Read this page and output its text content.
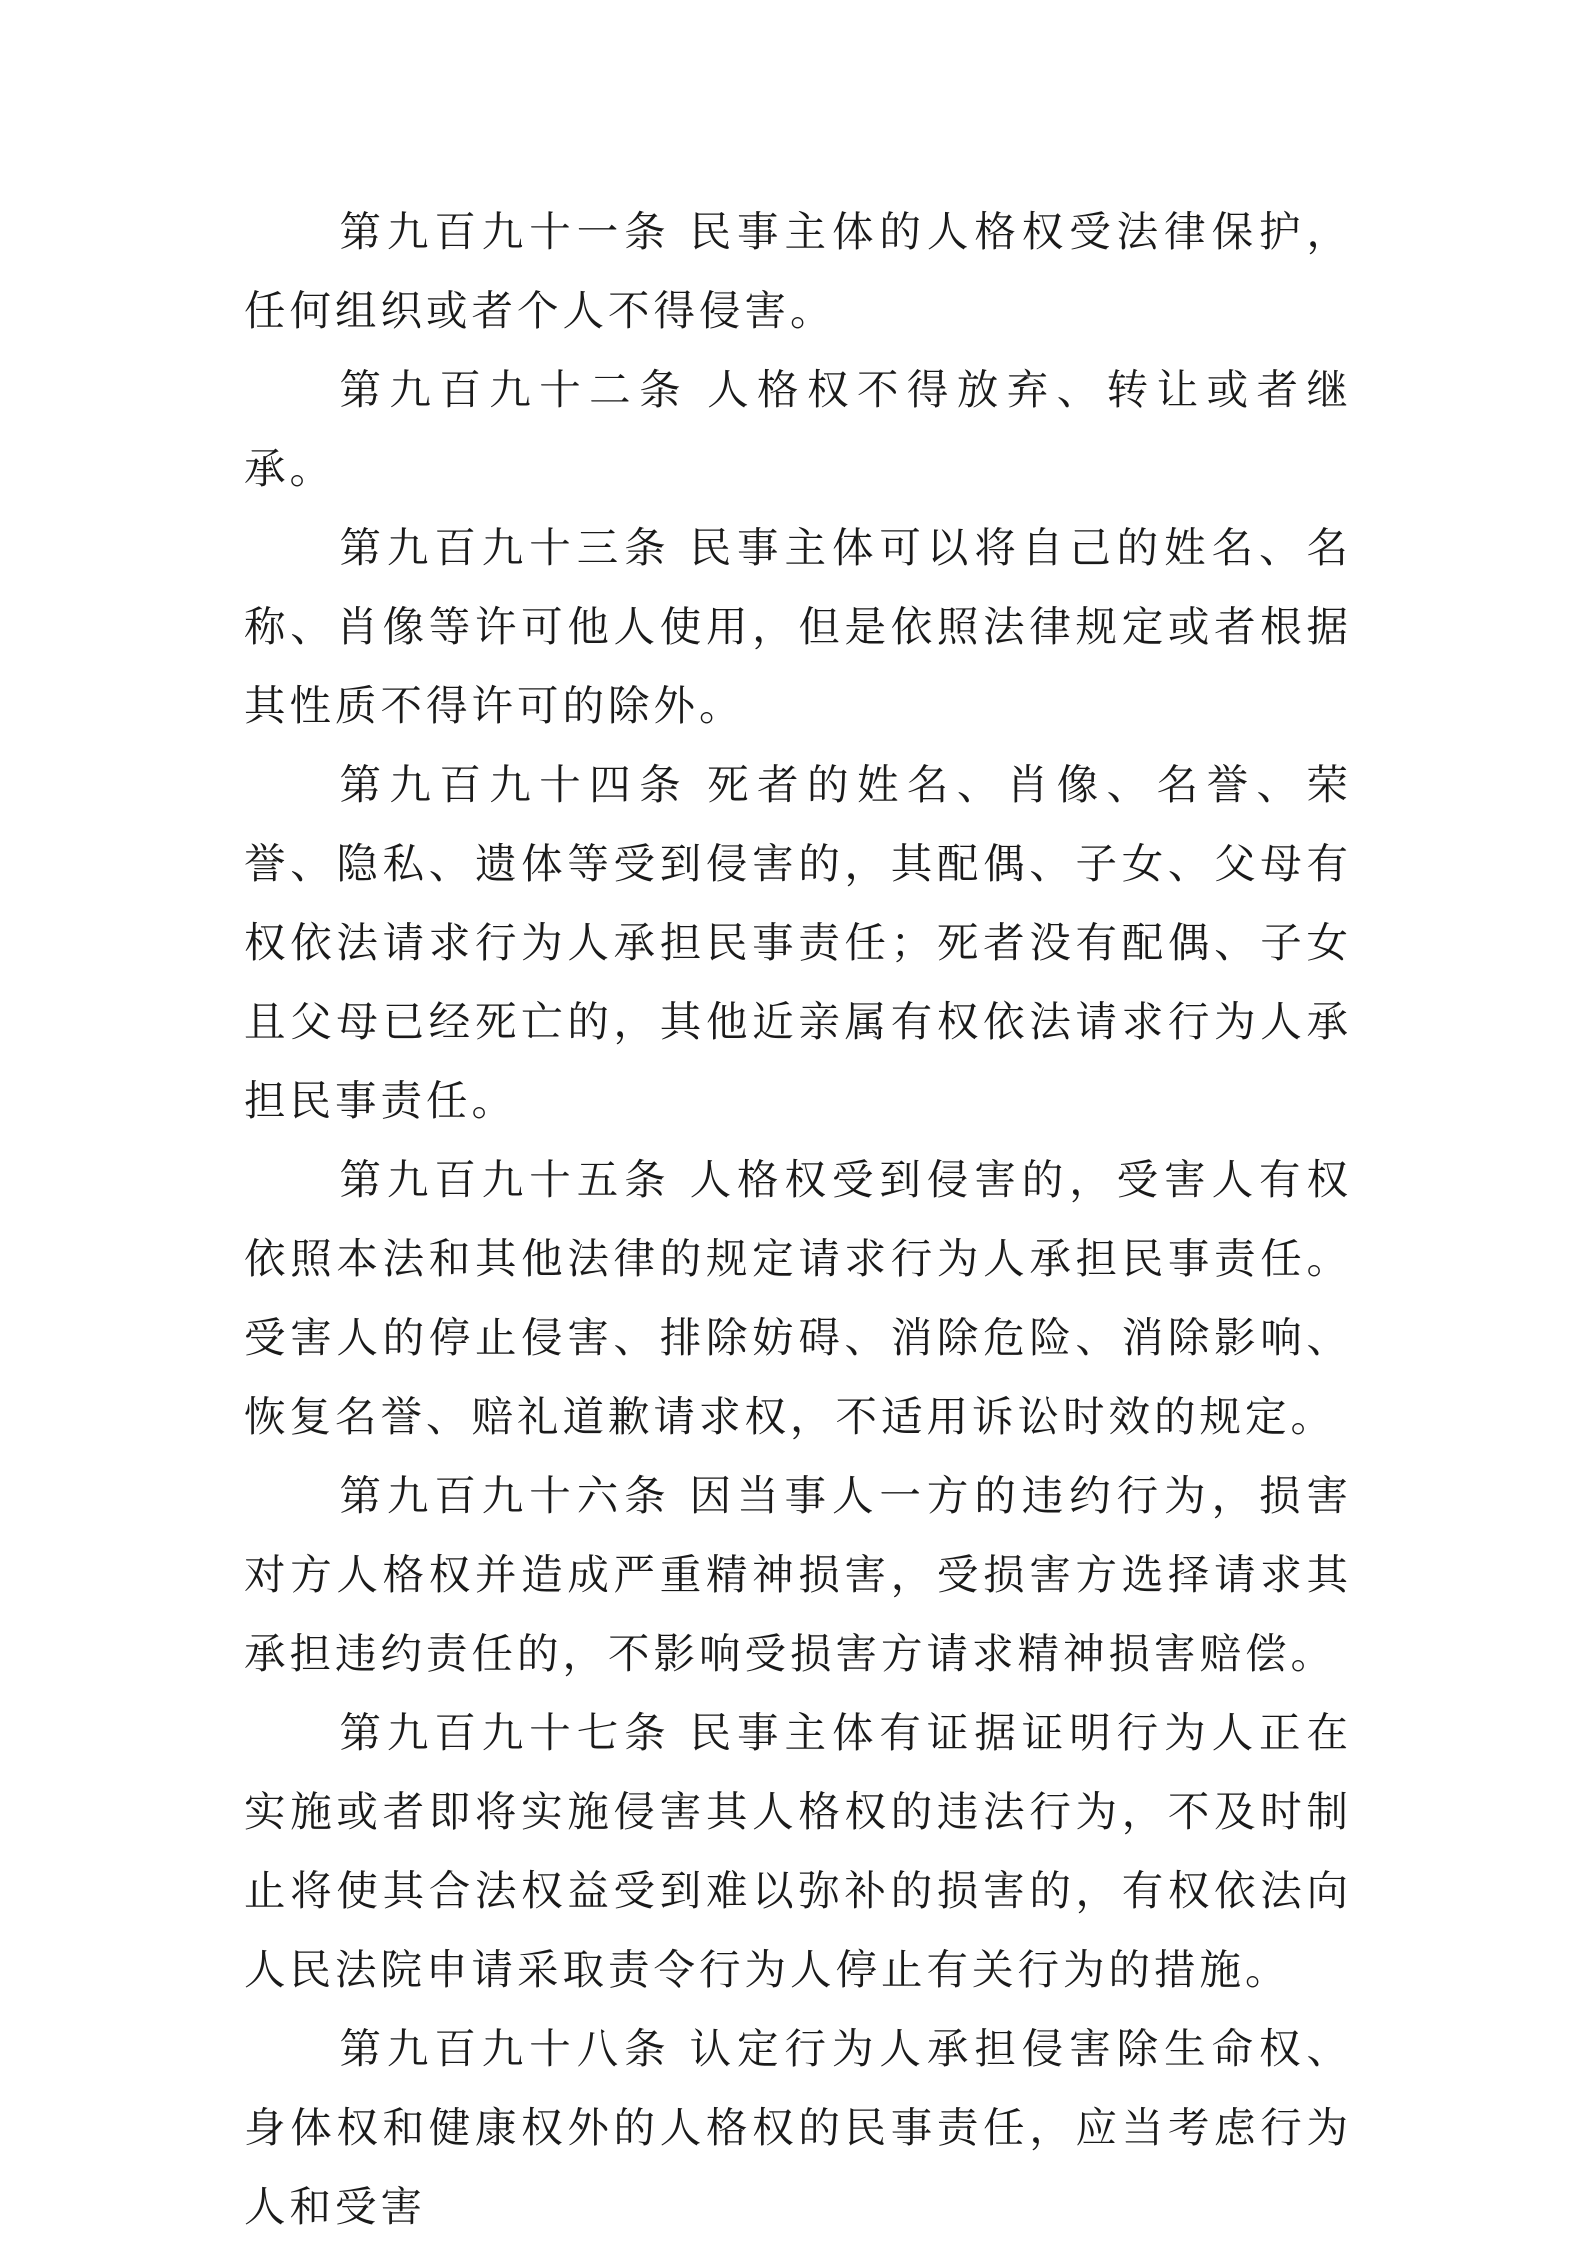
第九百九十一条 民事主体的人格权受法律保护，任何组织或者个人不得侵害。

第九百九十二条 人格权不得放弃、转让或者继承。

第九百九十三条 民事主体可以将自己的姓名、名称、肖像等许可他人使用，但是依照法律规定或者根据其性质不得许可的除外。

第九百九十四条 死者的姓名、肖像、名誉、荣誉、隐私、遗体等受到侵害的，其配偶、子女、父母有权依法请求行为人承担民事责任；死者没有配偶、子女且父母已经死亡的，其他近亲属有权依法请求行为人承担民事责任。

第九百九十五条 人格权受到侵害的，受害人有权依照本法和其他法律的规定请求行为人承担民事责任。受害人的停止侵害、排除妨碍、消除危险、消除影响、恢复名誉、赔礼道歉请求权，不适用诉讼时效的规定。

第九百九十六条 因当事人一方的违约行为，损害对方人格权并造成严重精神损害，受损害方选择请求其承担违约责任的，不影响受损害方请求精神损害赔偿。

第九百九十七条 民事主体有证据证明行为人正在实施或者即将实施侵害其人格权的违法行为，不及时制止将使其合法权益受到难以弥补的损害的，有权依法向人民法院申请采取责令行为人停止有关行为的措施。

第九百九十八条 认定行为人承担侵害除生命权、身体权和健康权外的人格权的民事责任，应当考虑行为人和受害
